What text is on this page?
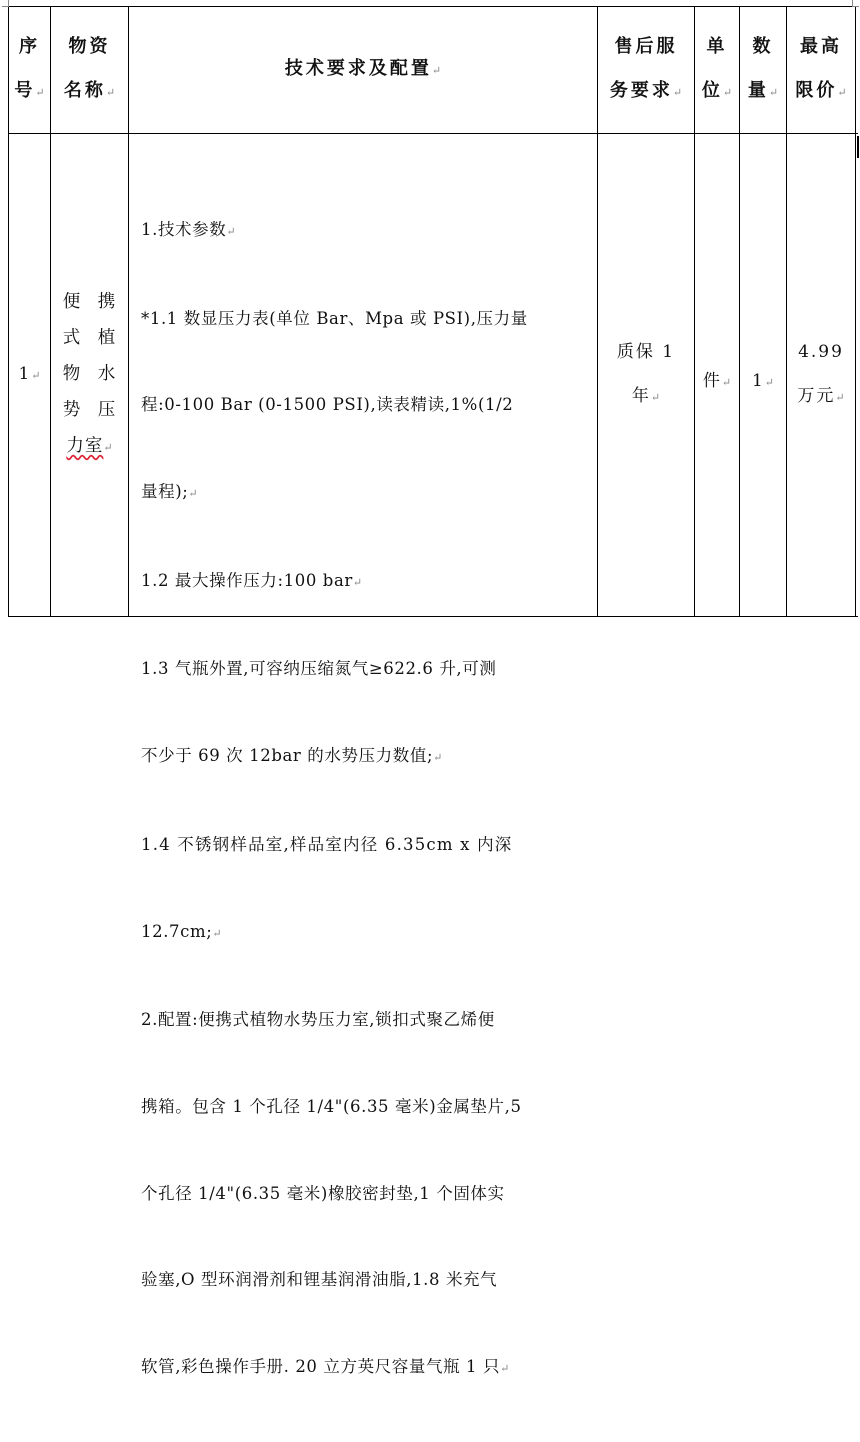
序
号↵
物资
名称↵
技术要求及配置↵
售后服
务要求↵
单
位↵
数
量↵
最高
限价↵
1↵
便 携
式 植
物 水
势 压
力室↵

1.技术参数↵

*1.1 数显压力表(单位 Bar、Mpa 或 PSI),压力量

程:0-100 Bar (0-1500 PSI),读表精读,1%(1/2

量程);↵

1.2 最大操作压力:100 bar↵

1.3 气瓶外置,可容纳压缩氮气≥622.6 升,可测

不少于 69 次 12bar 的水势压力数值;↵

1.4 不锈钢样品室,样品室内径 6.35cm x 内深

12.7cm;↵

2.配置:便携式植物水势压力室,锁扣式聚乙烯便

携箱。包含 1 个孔径 1/4"(6.35 毫米)金属垫片,5

个孔径 1/4"(6.35 毫米)橡胶密封垫,1 个固体实

验塞,O 型环润滑剂和锂基润滑油脂,1.8 米充气

软管,彩色操作手册. 20 立方英尺容量气瓶 1 只↵

质保 1
年↵
件↵ 1↵
4.99
万元↵
